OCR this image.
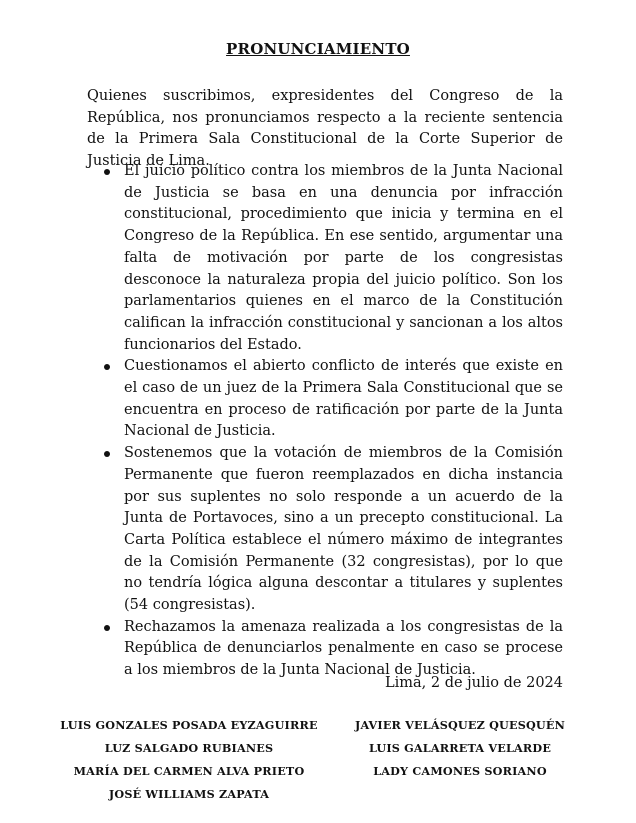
PRONUNCIAMIENTO

Quienes suscribimos, expresidentes del Congreso de la República, nos pronunciamos respecto a la reciente sentencia de la Primera Sala Constitucional de la Corte Superior de Justicia de Lima.

El juicio político contra los miembros de la Junta Nacional de Justicia se basa en una denuncia por infracción constitucional, procedimiento que inicia y termina en el Congreso de la República. En ese sentido, argumentar una falta de motivación por parte de los congresistas desconoce la naturaleza propia del juicio político. Son los parlamentarios quienes en el marco de la Constitución califican la infracción constitucional y sancionan a los altos funcionarios del Estado.
Cuestionamos el abierto conflicto de interés que existe en el caso de un juez de la Primera Sala Constitucional que se encuentra en proceso de ratificación por parte de la Junta Nacional de Justicia.
Sostenemos que la votación de miembros de la Comisión Permanente que fueron reemplazados en dicha instancia por sus suplentes no solo responde a un acuerdo de la Junta de Portavoces, sino a un precepto constitucional. La Carta Política establece el número máximo de integrantes de la Comisión Permanente (32 congresistas), por lo que no tendría lógica alguna descontar a titulares y suplentes (54 congresistas).
Rechazamos la amenaza realizada a los congresistas de la República de denunciarlos penalmente en caso se procese a los miembros de la Junta Nacional de Justicia.

Lima, 2 de julio de 2024

LUIS GONZALES POSADA EYZAGUIRRE
LUZ SALGADO RUBIANES
MARÍA DEL CARMEN ALVA PRIETO
JOSÉ WILLIAMS ZAPATA
JAVIER VELÁSQUEZ QUESQUÉN
LUIS GALARRETA VELARDE
LADY CAMONES SORIANO
